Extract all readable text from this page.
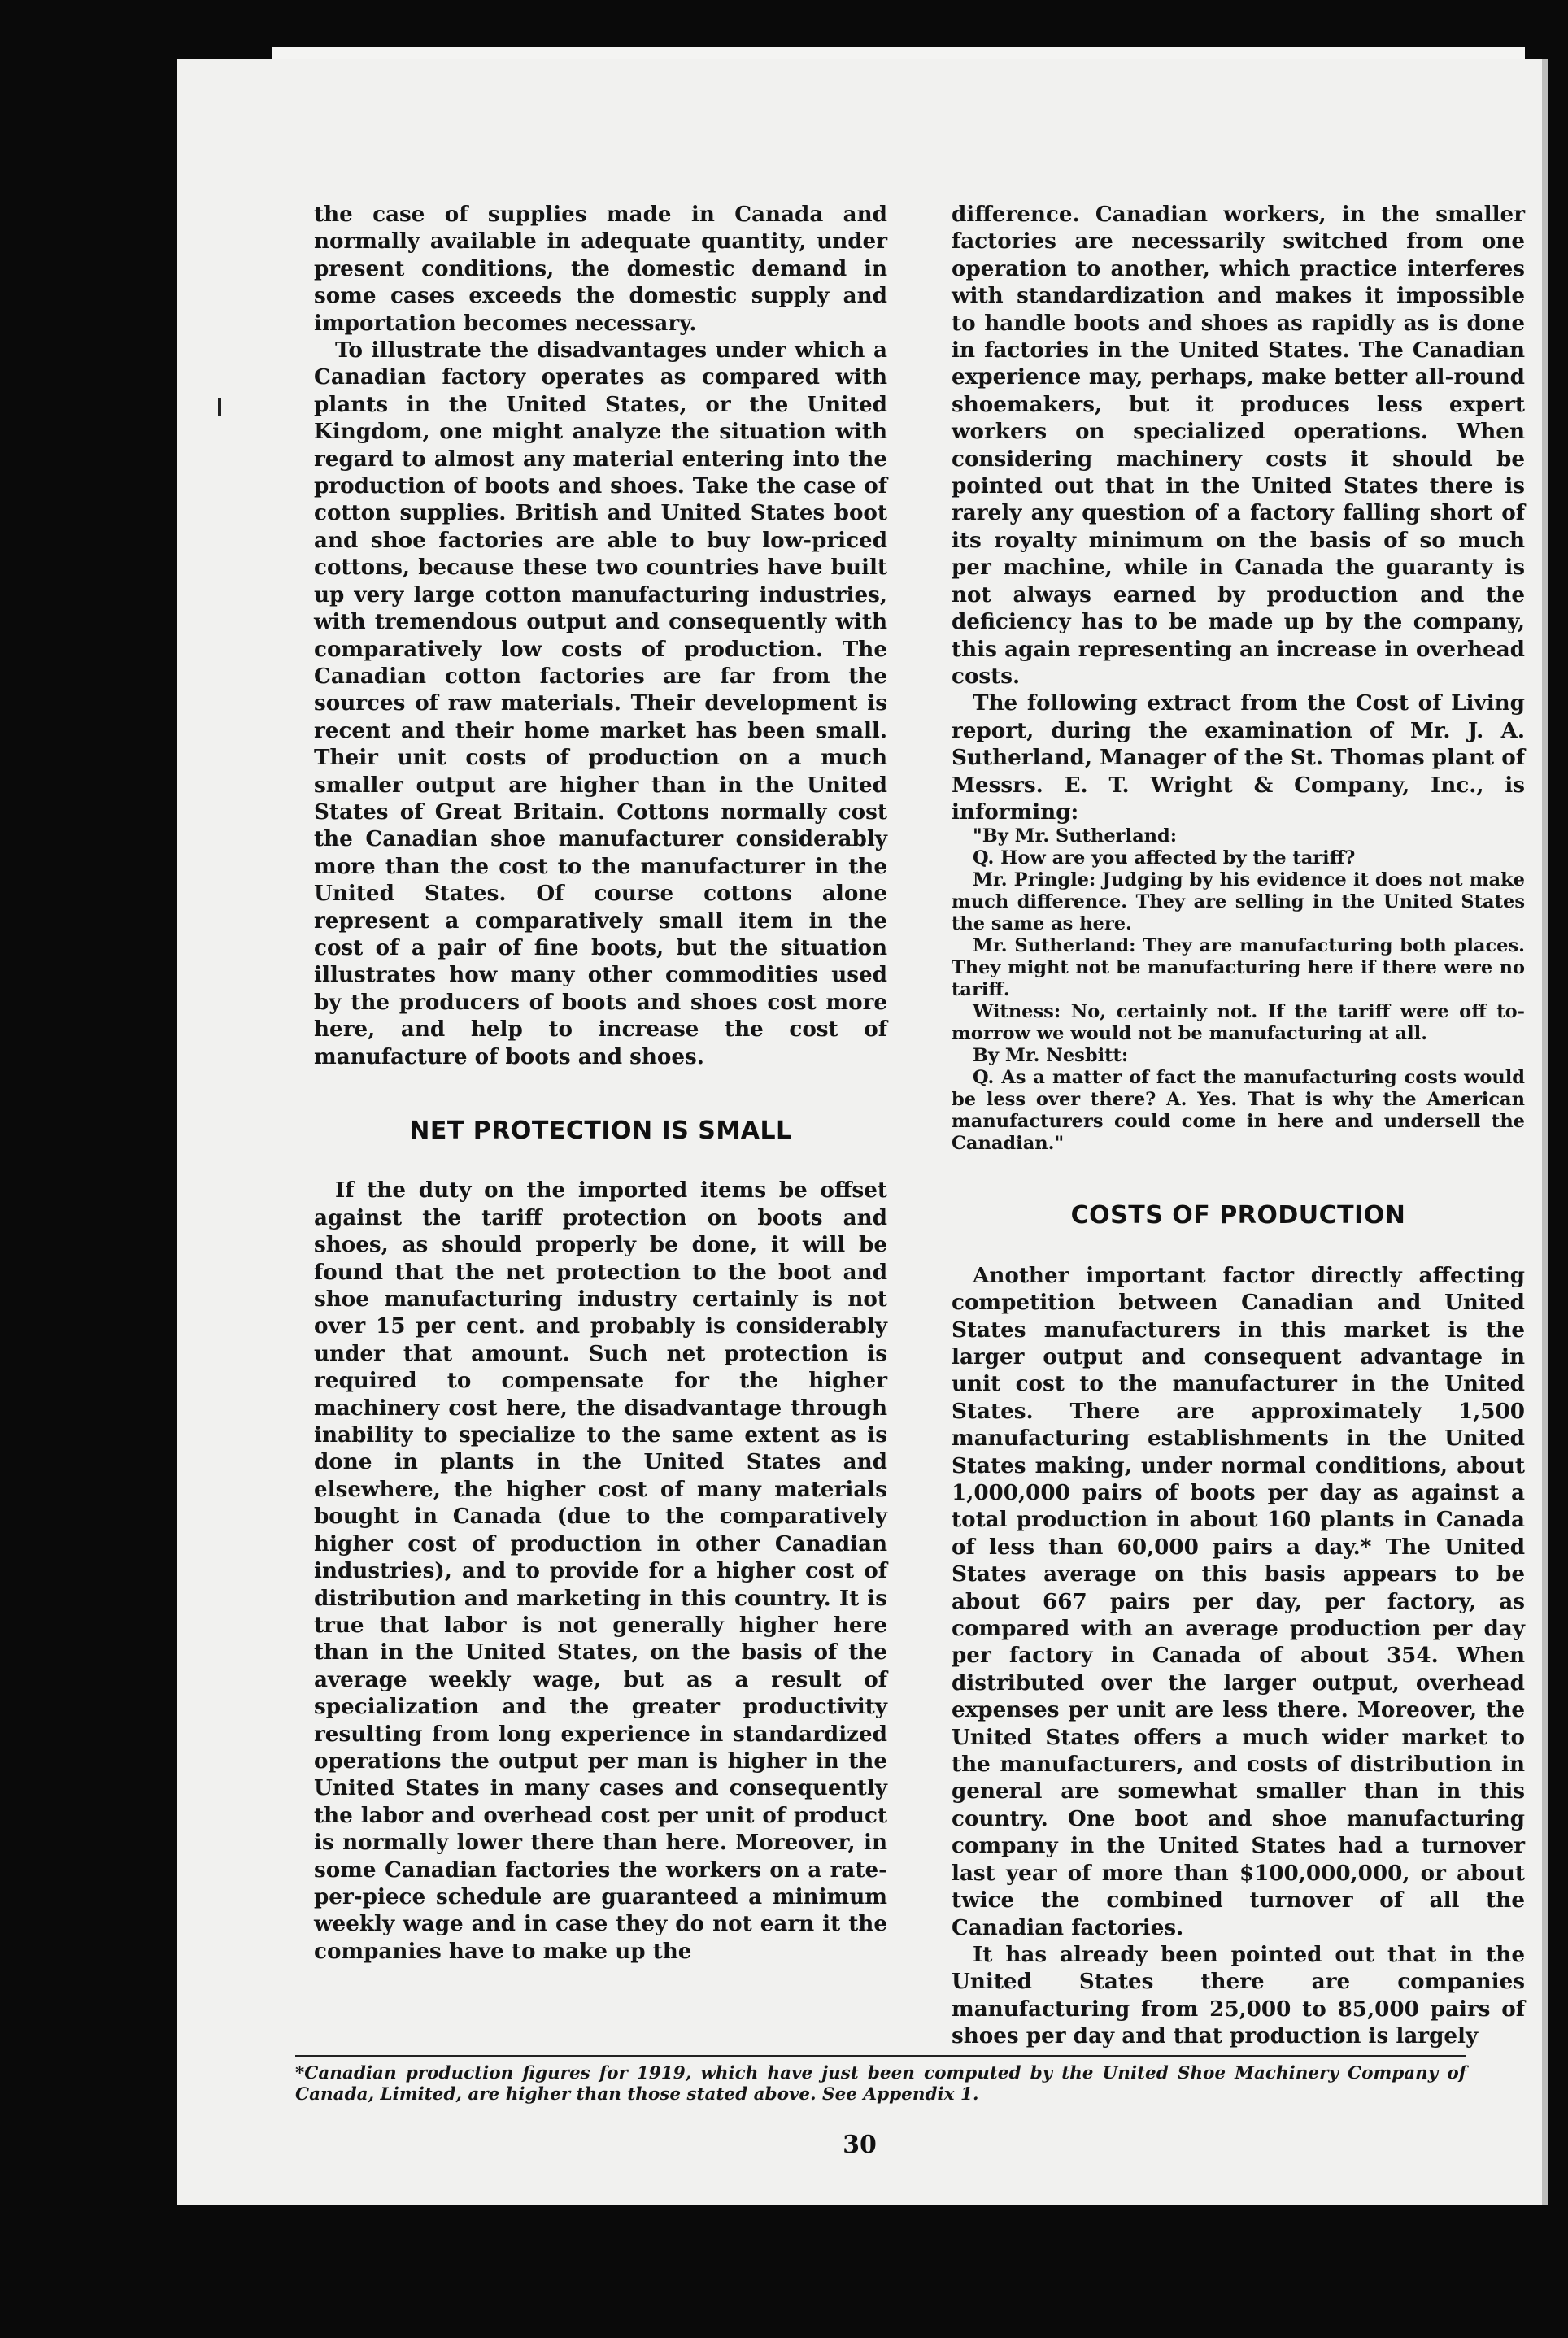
the case of supplies made in Canada and normally available in adequate quantity, under present conditions, the domestic demand in some cases exceeds the domestic supply and importation becomes necessary.

To illustrate the disadvantages under which a Canadian factory operates as compared with plants in the United States, or the United Kingdom, one might analyze the situation with regard to almost any material entering into the production of boots and shoes. Take the case of cotton supplies. British and United States boot and shoe factories are able to buy low-priced cottons, because these two countries have built up very large cotton manufacturing industries, with tremendous output and consequently with comparatively low costs of production. The Canadian cotton factories are far from the sources of raw materials. Their development is recent and their home market has been small. Their unit costs of production on a much smaller output are higher than in the United States of Great Britain. Cottons normally cost the Canadian shoe manufacturer considerably more than the cost to the manufacturer in the United States. Of course cottons alone represent a comparatively small item in the cost of a pair of fine boots, but the situation illustrates how many other commodities used by the producers of boots and shoes cost more here, and help to increase the cost of manufacture of boots and shoes.

NET PROTECTION IS SMALL

If the duty on the imported items be offset against the tariff protection on boots and shoes, as should properly be done, it will be found that the net protection to the boot and shoe manufacturing industry certainly is not over 15 per cent. and probably is considerably under that amount. Such net protection is required to compensate for the higher machinery cost here, the disadvantage through inability to specialize to the same extent as is done in plants in the United States and elsewhere, the higher cost of many materials bought in Canada (due to the comparatively higher cost of production in other Canadian industries), and to provide for a higher cost of distribution and marketing in this country. It is true that labor is not generally higher here than in the United States, on the basis of the average weekly wage, but as a result of specialization and the greater productivity resulting from long experience in standardized operations the output per man is higher in the United States in many cases and consequently the labor and overhead cost per unit of product is normally lower there than here. Moreover, in some Canadian factories the workers on a rate-per-piece schedule are guaranteed a minimum weekly wage and in case they do not earn it the companies have to make up the

difference. Canadian workers, in the smaller factories are necessarily switched from one operation to another, which practice interferes with standardization and makes it impossible to handle boots and shoes as rapidly as is done in factories in the United States. The Canadian experience may, perhaps, make better all-round shoemakers, but it produces less expert workers on specialized operations. When considering machinery costs it should be pointed out that in the United States there is rarely any question of a factory falling short of its royalty minimum on the basis of so much per machine, while in Canada the guaranty is not always earned by production and the deficiency has to be made up by the company, this again representing an increase in overhead costs.

The following extract from the Cost of Living report, during the examination of Mr. J. A. Sutherland, Manager of the St. Thomas plant of Messrs. E. T. Wright & Company, Inc., is informing:

"By Mr. Sutherland:

Q. How are you affected by the tariff?

Mr. Pringle: Judging by his evidence it does not make much difference. They are selling in the United States the same as here.

Mr. Sutherland: They are manufacturing both places. They might not be manufacturing here if there were no tariff.

Witness: No, certainly not. If the tariff were off to-morrow we would not be manufacturing at all.

By Mr. Nesbitt:

Q. As a matter of fact the manufacturing costs would be less over there? A. Yes. That is why the American manufacturers could come in here and undersell the Canadian."

COSTS OF PRODUCTION

Another important factor directly affecting competition between Canadian and United States manufacturers in this market is the larger output and consequent advantage in unit cost to the manufacturer in the United States. There are approximately 1,500 manufacturing establishments in the United States making, under normal conditions, about 1,000,000 pairs of boots per day as against a total production in about 160 plants in Canada of less than 60,000 pairs a day.* The United States average on this basis appears to be about 667 pairs per day, per factory, as compared with an average production per day per factory in Canada of about 354. When distributed over the larger output, overhead expenses per unit are less there. Moreover, the United States offers a much wider market to the manufacturers, and costs of distribution in general are somewhat smaller than in this country. One boot and shoe manufacturing company in the United States had a turnover last year of more than $100,000,000, or about twice the combined turnover of all the Canadian factories.

It has already been pointed out that in the United States there are companies manufacturing from 25,000 to 85,000 pairs of shoes per day and that production is largely

*Canadian production figures for 1919, which have just been computed by the United Shoe Machinery Company of Canada, Limited, are higher than those stated above. See Appendix 1.
30
